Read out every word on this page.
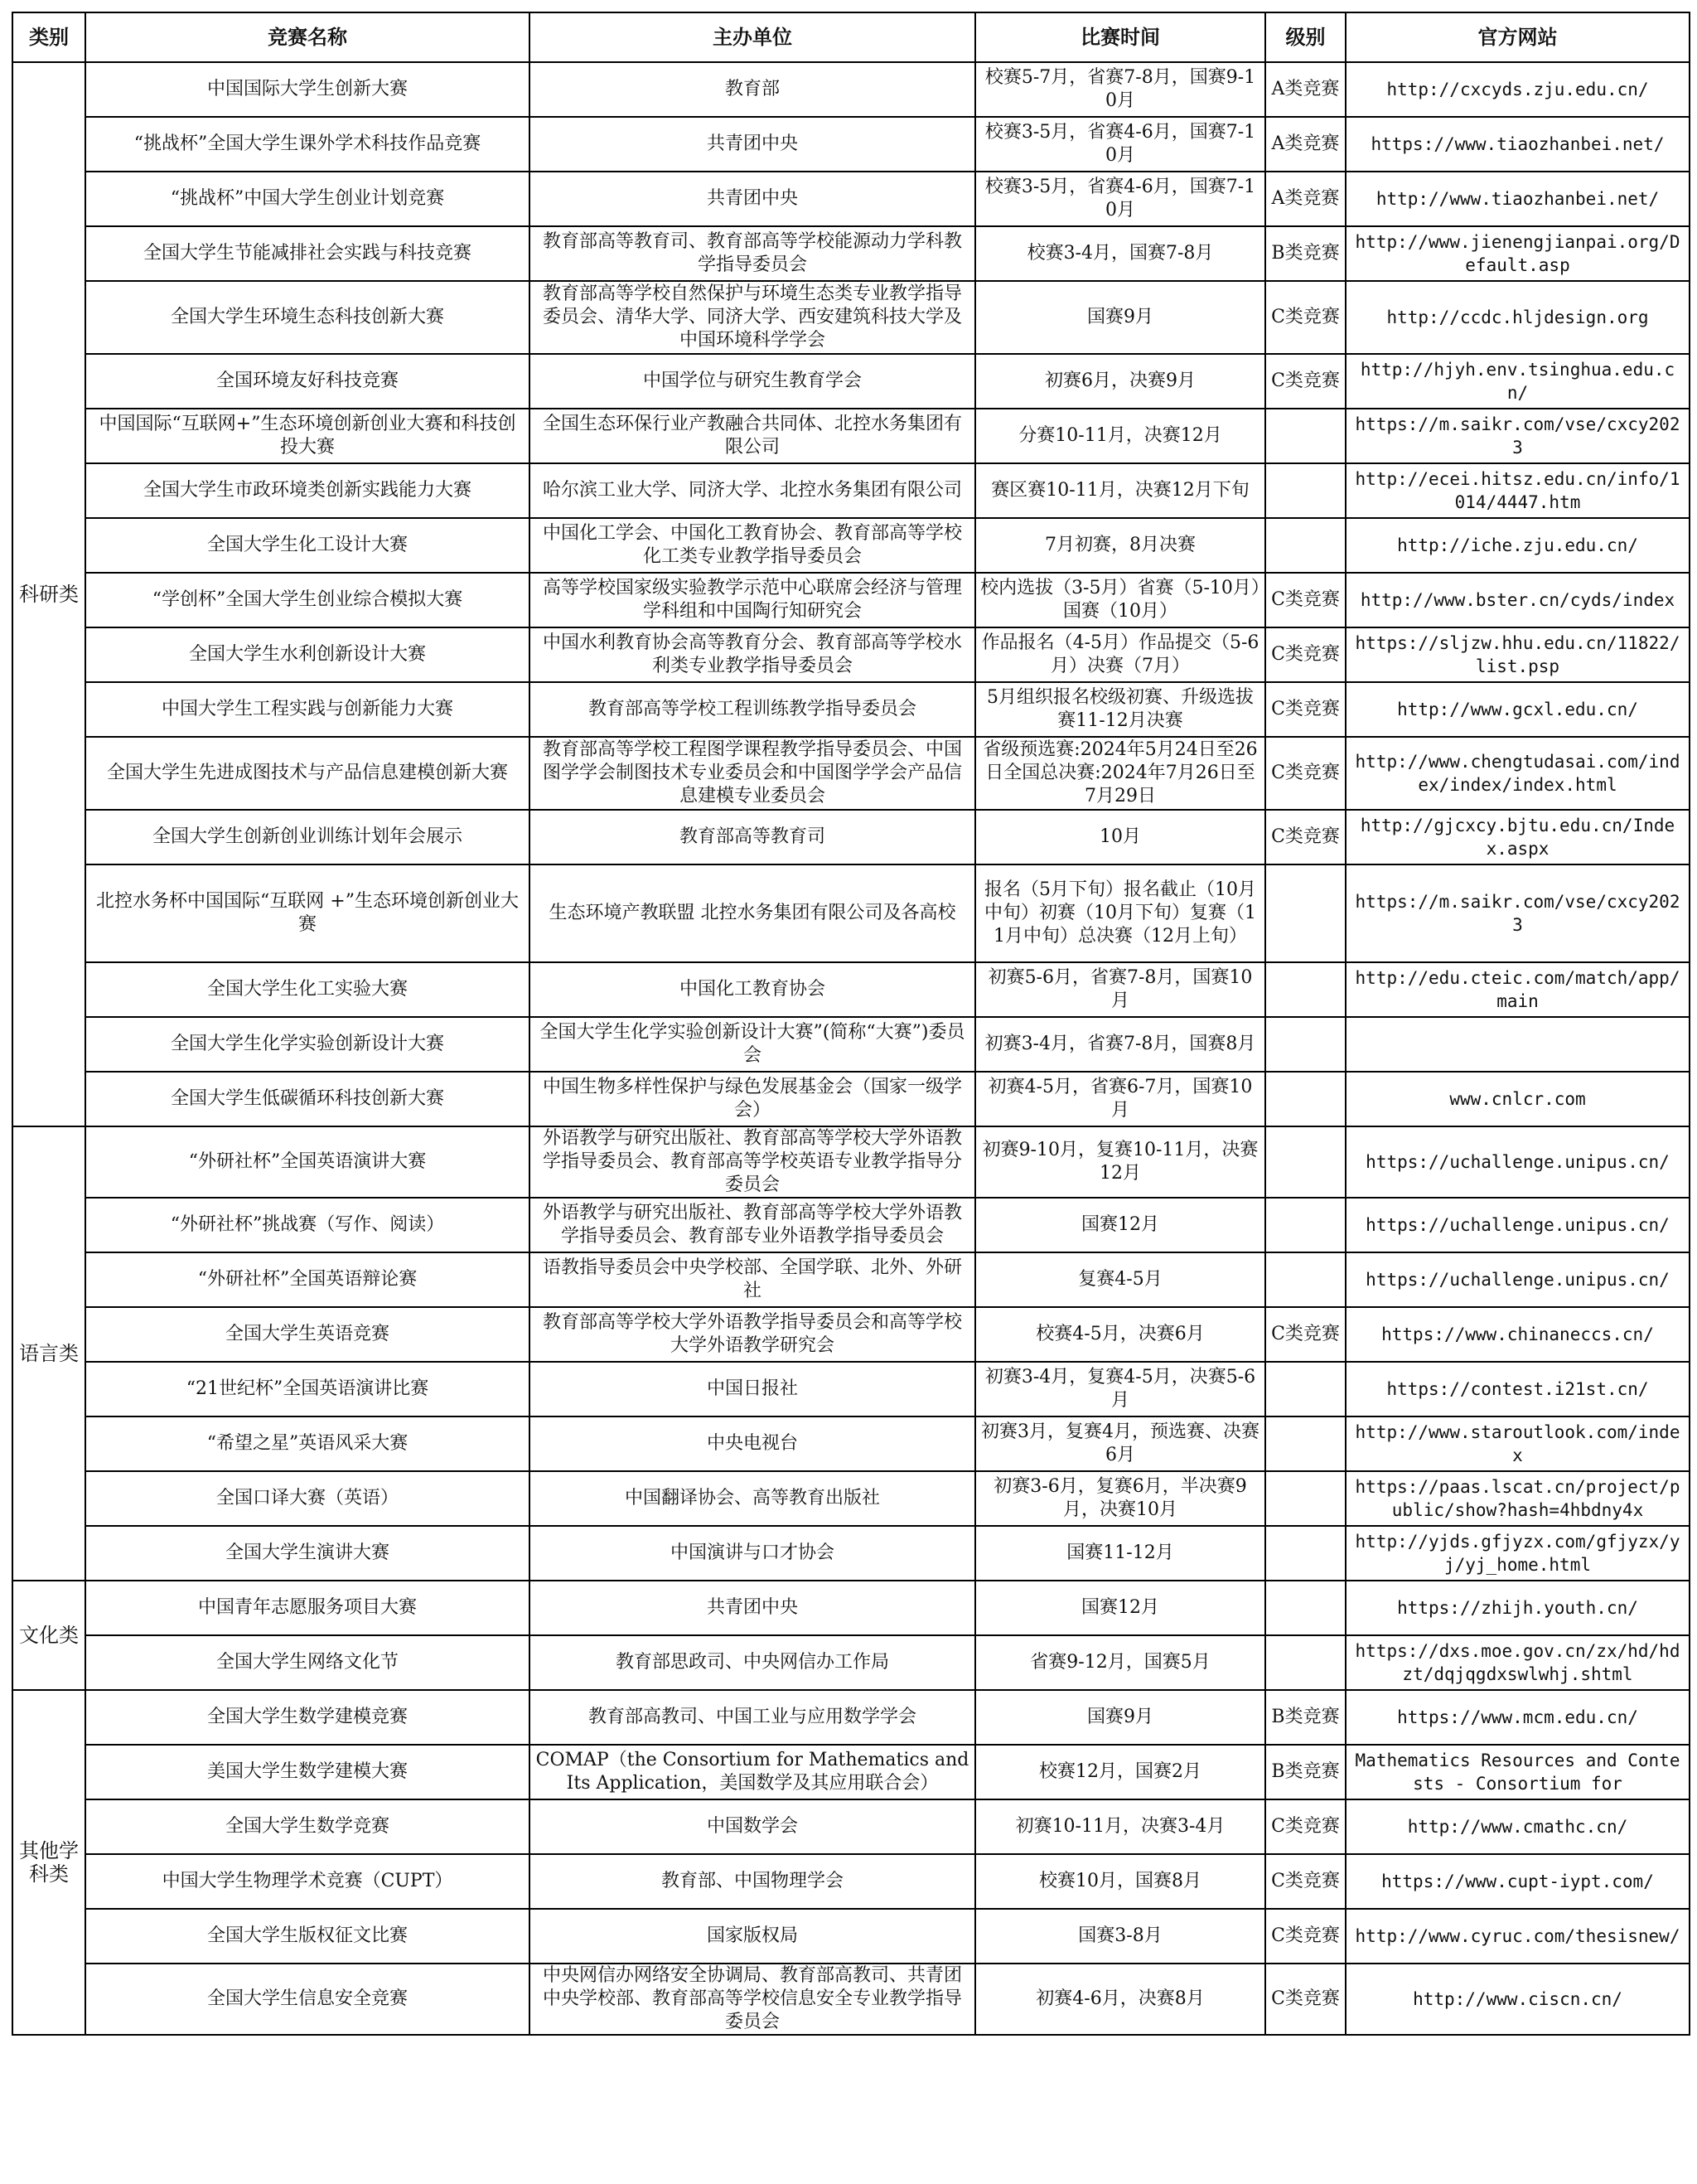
类别	竞赛名称	主办单位	比赛时间	级别	官方网站
科研类	中国国际大学生创新大赛	教育部	校赛5-7月，省赛7-8月，国赛9-10月	A类竞赛	http://cxcyds.zju.edu.cn/
	“挑战杯”全国大学生课外学术科技作品竞赛	共青团中央	校赛3-5月，省赛4-6月，国赛7-10月	A类竞赛	https://www.tiaozhanbei.net/
	“挑战杯”中国大学生创业计划竞赛	共青团中央	校赛3-5月，省赛4-6月，国赛7-10月	A类竞赛	http://www.tiaozhanbei.net/
	全国大学生节能减排社会实践与科技竞赛	教育部高等教育司、教育部高等学校能源动力学科教学指导委员会	校赛3-4月，国赛7-8月	B类竞赛	http://www.jienengjianpai.org/Default.asp
	全国大学生环境生态科技创新大赛	教育部高等学校自然保护与环境生态类专业教学指导委员会、清华大学、同济大学、西安建筑科技大学及中国环境科学学会	国赛9月	C类竞赛	http://ccdc.hljdesign.org
	全国环境友好科技竞赛	中国学位与研究生教育学会	初赛6月，决赛9月	C类竞赛	http://hjyh.env.tsinghua.edu.cn/
	中国国际“互联网+”生态环境创新创业大赛和科技创投大赛	全国生态环保行业产教融合共同体、北控水务集团有限公司	分赛10-11月，决赛12月		https://m.saikr.com/vse/cxcy2023
	全国大学生市政环境类创新实践能力大赛	哈尔滨工业大学、同济大学、北控水务集团有限公司	赛区赛10-11月，决赛12月下旬		http://ecei.hitsz.edu.cn/info/1014/4447.htm
	全国大学生化工设计大赛	中国化工学会、中国化工教育协会、教育部高等学校化工类专业教学指导委员会	7月初赛，8月决赛		http://iche.zju.edu.cn/
	“学创杯”全国大学生创业综合模拟大赛	高等学校国家级实验教学示范中心联席会经济与管理学科组和中国陶行知研究会	校内选拔（3-5月）省赛（5-10月）国赛（10月）	C类竞赛	http://www.bster.cn/cyds/index
	全国大学生水利创新设计大赛	中国水利教育协会高等教育分会、教育部高等学校水利类专业教学指导委员会	作品报名（4-5月）作品提交（5-6月）决赛（7月）	C类竞赛	https://sljzw.hhu.edu.cn/11822/list.psp
	中国大学生工程实践与创新能力大赛	教育部高等学校工程训练教学指导委员会	5月组织报名校级初赛、升级选拔赛11-12月决赛	C类竞赛	http://www.gcxl.edu.cn/
	全国大学生先进成图技术与产品信息建模创新大赛	教育部高等学校工程图学课程教学指导委员会、中国图学学会制图技术专业委员会和中国图学学会产品信息建模专业委员会	省级预选赛:2024年5月24日至26日全国总决赛:2024年7月26日至7月29日	C类竞赛	http://www.chengtudasai.com/index/index/index.html
	全国大学生创新创业训练计划年会展示	教育部高等教育司	10月	C类竞赛	http://gjcxcy.bjtu.edu.cn/Index.aspx
	北控水务杯中国国际“互联网 +”生态环境创新创业大赛	生态环境产教联盟 北控水务集团有限公司及各高校	报名（5月下旬）报名截止（10月中旬）初赛（10月下旬）复赛（11月中旬）总决赛（12月上旬）		https://m.saikr.com/vse/cxcy2023
	全国大学生化工实验大赛	中国化工教育协会	初赛5-6月，省赛7-8月，国赛10月		http://edu.cteic.com/match/app/main
	全国大学生化学实验创新设计大赛	全国大学生化学实验创新设计大赛”(简称“大赛”)委员会	初赛3-4月，省赛7-8月，国赛8月		
	全国大学生低碳循环科技创新大赛	中国生物多样性保护与绿色发展基金会（国家一级学会）	初赛4-5月，省赛6-7月，国赛10月		www.cnlcr.com
语言类	“外研社杯”全国英语演讲大赛	外语教学与研究出版社、教育部高等学校大学外语教学指导委员会、教育部高等学校英语专业教学指导分委员会	初赛9-10月，复赛10-11月，决赛12月		https://uchallenge.unipus.cn/
	“外研社杯”挑战赛（写作、阅读）	外语教学与研究出版社、教育部高等学校大学外语教学指导委员会、教育部专业外语教学指导委员会	国赛12月		https://uchallenge.unipus.cn/
	“外研社杯”全国英语辩论赛	语教指导委员会中央学校部、全国学联、北外、外研社	复赛4-5月		https://uchallenge.unipus.cn/
	全国大学生英语竞赛	教育部高等学校大学外语教学指导委员会和高等学校大学外语教学研究会	校赛4-5月，决赛6月	C类竞赛	https://www.chinaneccs.cn/
	“21世纪杯”全国英语演讲比赛	中国日报社	初赛3-4月，复赛4-5月，决赛5-6月		https://contest.i21st.cn/
	“希望之星”英语风采大赛	中央电视台	初赛3月，复赛4月，预选赛、决赛6月		http://www.staroutlook.com/index
	全国口译大赛（英语）	中国翻译协会、高等教育出版社	初赛3-6月，复赛6月，半决赛9月，决赛10月		https://paas.lscat.cn/project/public/show?hash=4hbdny4x
	全国大学生演讲大赛	中国演讲与口才协会	国赛11-12月		http://yjds.gfjyzx.com/gfjyzx/yj/yj_home.html
文化类	中国青年志愿服务项目大赛	共青团中央	国赛12月		https://zhijh.youth.cn/
	全国大学生网络文化节	教育部思政司、中央网信办工作局	省赛9-12月，国赛5月		https://dxs.moe.gov.cn/zx/hd/hdzt/dqjqgdxswlwhj.shtml
其他学科类	全国大学生数学建模竞赛	教育部高教司、中国工业与应用数学学会	国赛9月	B类竞赛	https://www.mcm.edu.cn/
	美国大学生数学建模大赛	COMAP（the Consortium for Mathematics and Its Application，美国数学及其应用联合会）	校赛12月，国赛2月	B类竞赛	Mathematics Resources and Contests - Consortium for
	全国大学生数学竞赛	中国数学会	初赛10-11月，决赛3-4月	C类竞赛	http://www.cmathc.cn/
	中国大学生物理学术竞赛（CUPT）	教育部、中国物理学会	校赛10月，国赛8月	C类竞赛	https://www.cupt-iypt.com/
	全国大学生版权征文比赛	国家版权局	国赛3-8月	C类竞赛	http://www.cyruc.com/thesisnew/
	全国大学生信息安全竞赛	中央网信办网络安全协调局、教育部高教司、共青团中央学校部、教育部高等学校信息安全专业教学指导委员会	初赛4-6月，决赛8月	C类竞赛	http://www.ciscn.cn/
